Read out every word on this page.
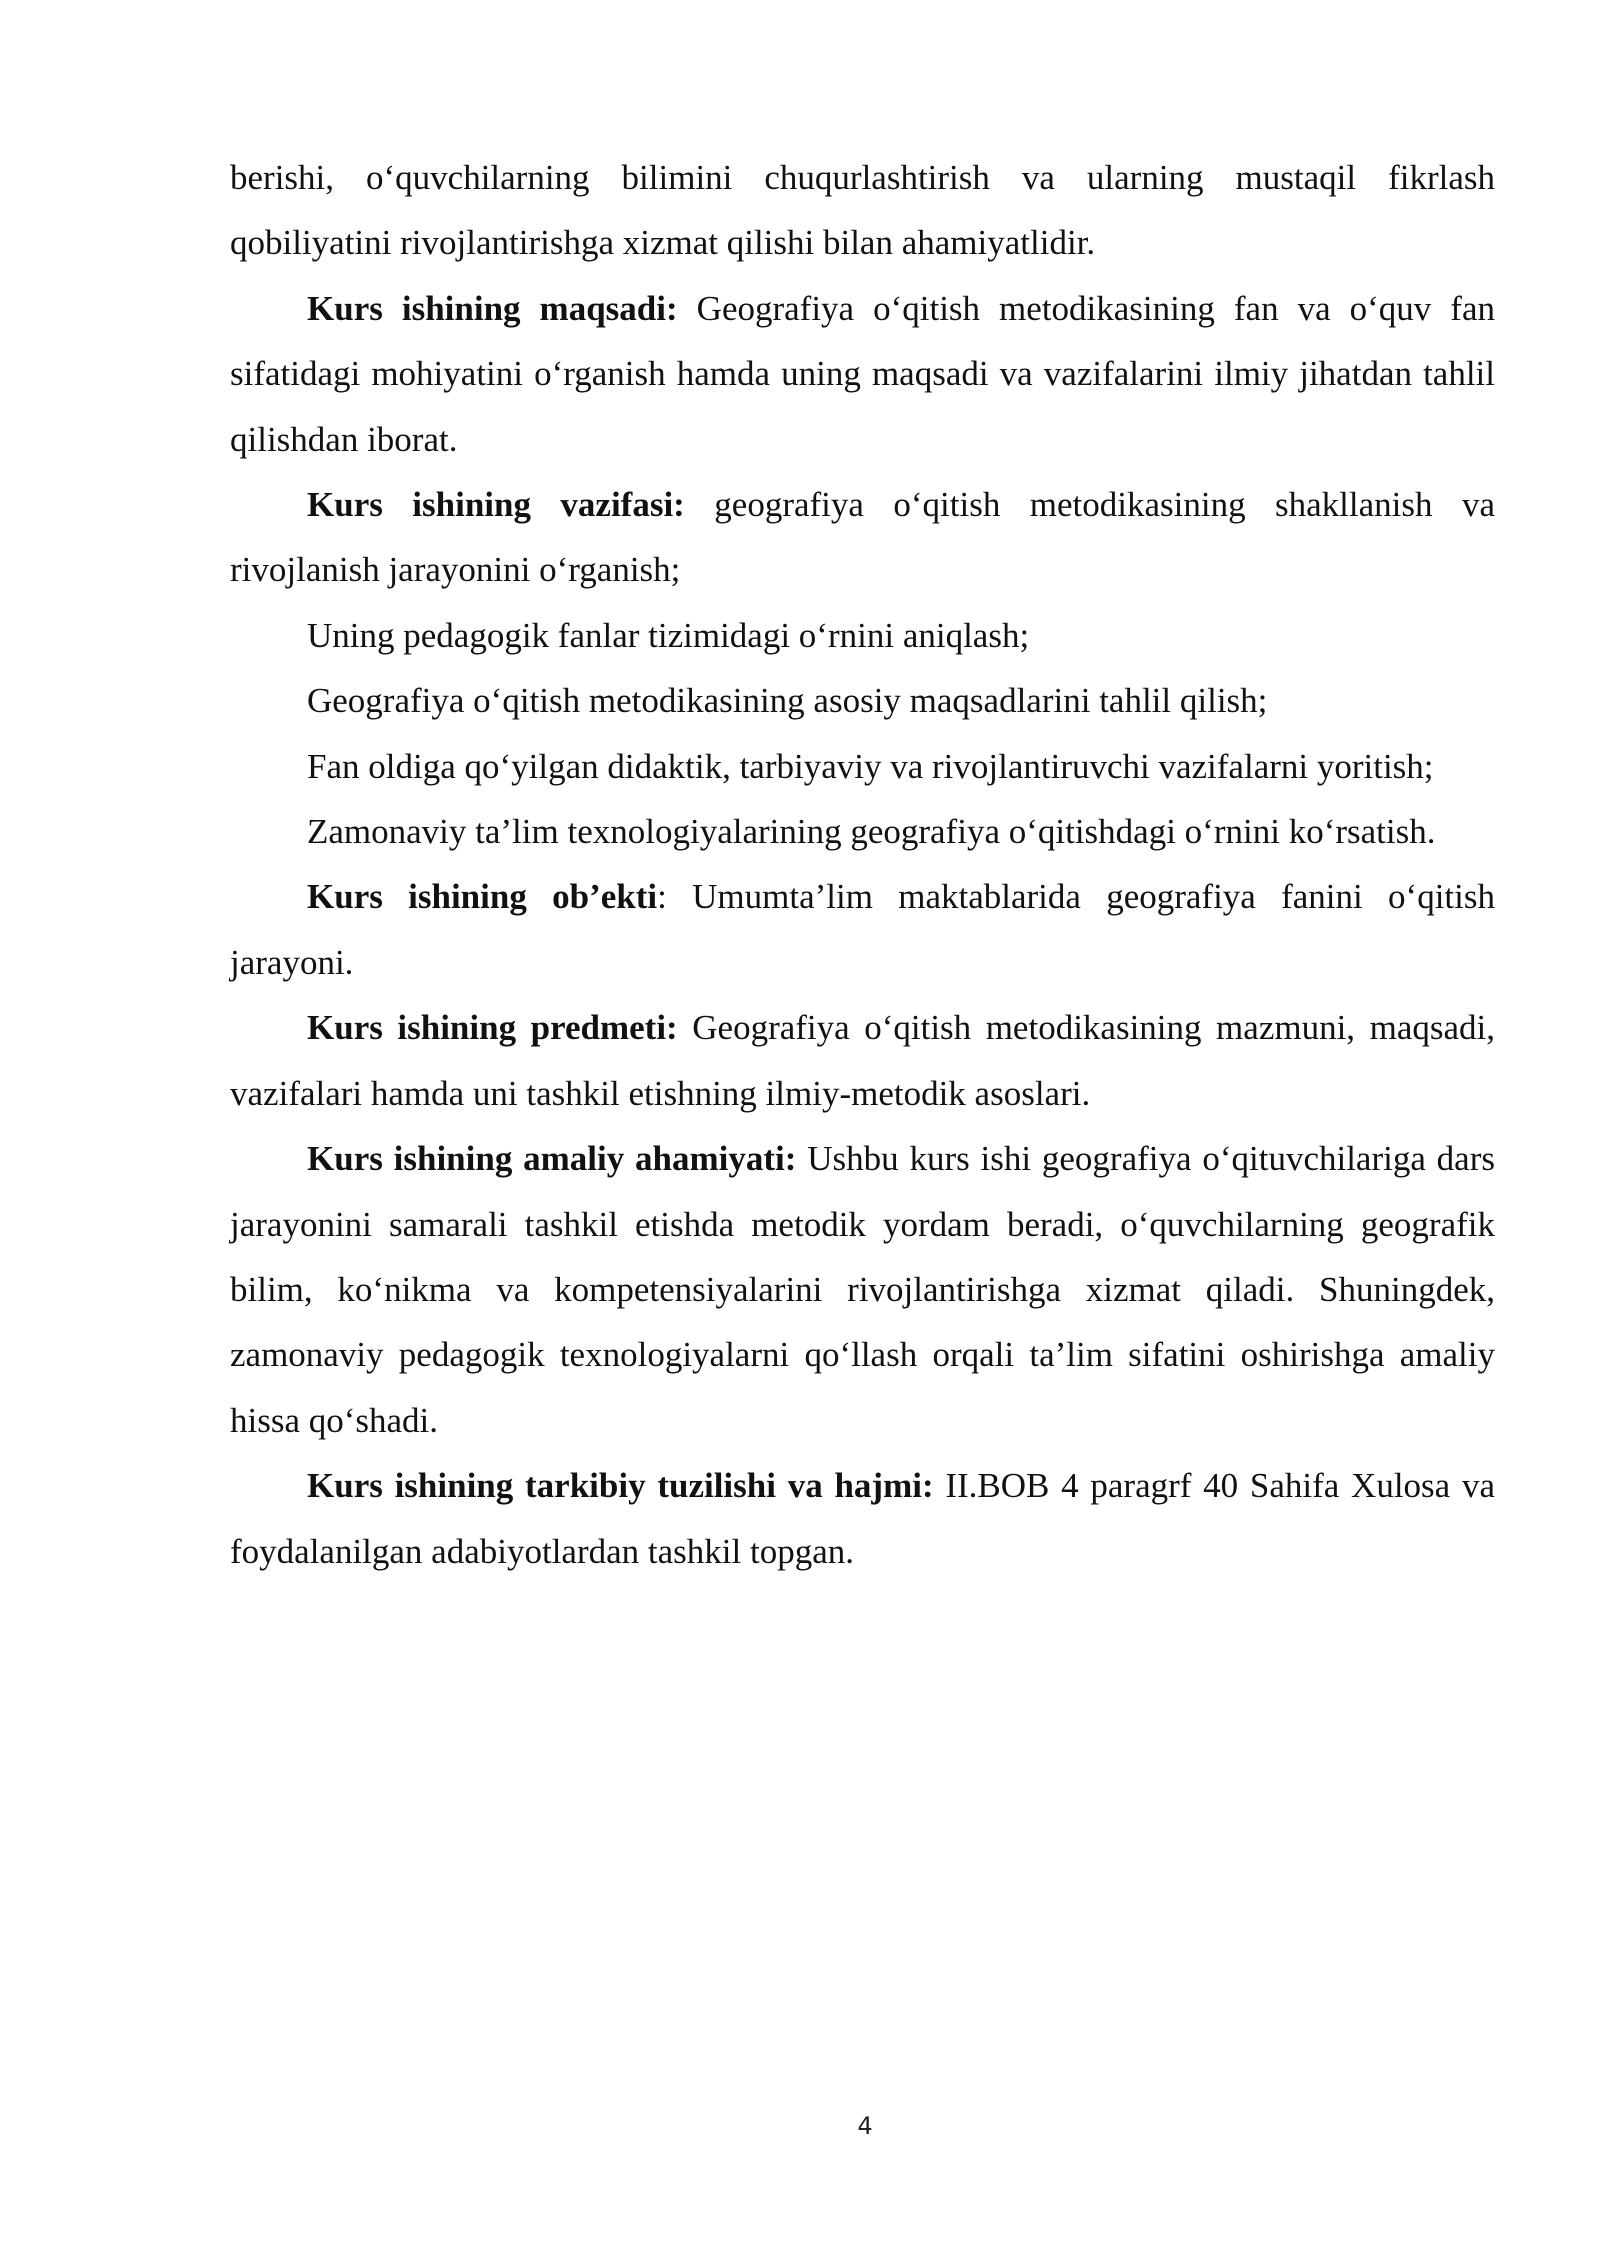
berishi, o‘quvchilarning bilimini chuqurlashtirish va ularning mustaqil fikrlash qobiliyatini rivojlantirishga xizmat qilishi bilan ahamiyatlidir.

Kurs ishining maqsadi: Geografiya o‘qitish metodikasining fan va o‘quv fan sifatidagi mohiyatini o‘rganish hamda uning maqsadi va vazifalarini ilmiy jihatdan tahlil qilishdan iborat.

Kurs ishining vazifasi: geografiya o‘qitish metodikasining shakllanish va rivojlanish jarayonini o‘rganish;

Uning pedagogik fanlar tizimidagi o‘rnini aniqlash;

Geografiya o‘qitish metodikasining asosiy maqsadlarini tahlil qilish;

Fan oldiga qo‘yilgan didaktik, tarbiyaviy va rivojlantiruvchi vazifalarni yoritish;

Zamonaviy ta’lim texnologiyalarining geografiya o‘qitishdagi o‘rnini ko‘rsatish.

Kurs ishining ob’ekti: Umumta’lim maktablarida geografiya fanini o‘qitish jarayoni.

Kurs ishining predmeti: Geografiya o‘qitish metodikasining mazmuni, maqsadi, vazifalari hamda uni tashkil etishning ilmiy-metodik asoslari.

Kurs ishining amaliy ahamiyati: Ushbu kurs ishi geografiya o‘qituvchilariga dars jarayonini samarali tashkil etishda metodik yordam beradi, o‘quvchilarning geografik bilim, ko‘nikma va kompetensiyalarini rivojlantirishga xizmat qiladi. Shuningdek, zamonaviy pedagogik texnologiyalarni qo‘llash orqali ta’lim sifatini oshirishga amaliy hissa qo‘shadi.

Kurs ishining tarkibiy tuzilishi va hajmi: II.BOB 4 paragrf 40 Sahifa Xulosa va foydalanilgan adabiyotlardan tashkil topgan.

4
